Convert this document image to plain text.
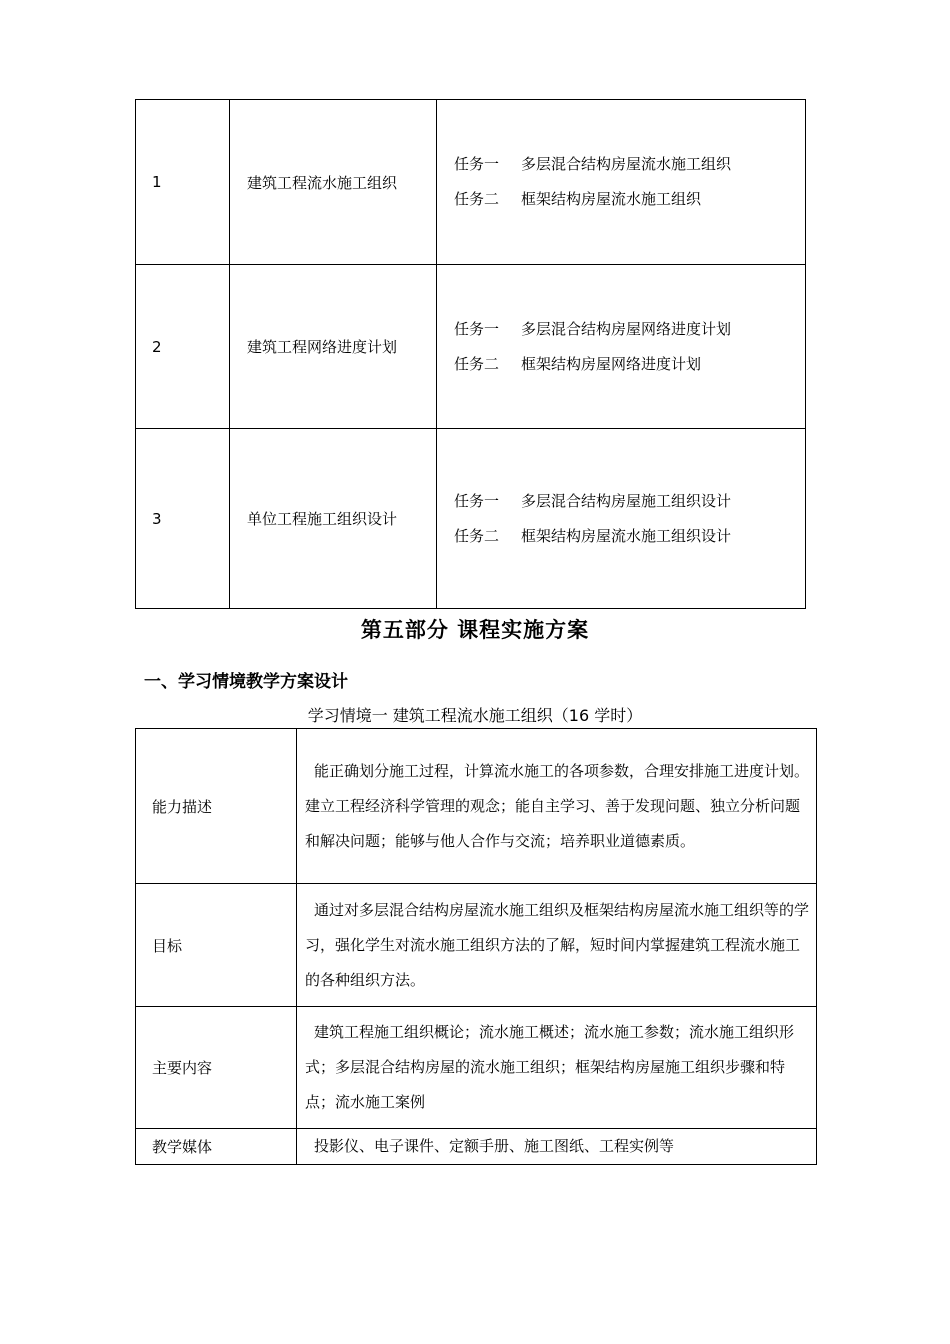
1	建筑工程流水施工组织	任务一 多层混合结构房屋流水施工组织
任务二 框架结构房屋流水施工组织

2	建筑工程网络进度计划	任务一 多层混合结构房屋网络进度计划
任务二 框架结构房屋网络进度计划

3	单位工程施工组织设计	任务一 多层混合结构房屋施工组织设计
任务二 框架结构房屋流水施工组织设计
第五部分 课程实施方案
一、学习情境教学方案设计
学习情境一 建筑工程流水施工组织（16 学时）
能力描述	能正确划分施工过程，计算流水施工的各项参数，合理安排施工进度计划。建立工程经济科学管理的观念；能自主学习、善于发现问题、独立分析问题和解决问题；能够与他人合作与交流；培养职业道德素质。
目标	通过对多层混合结构房屋流水施工组织及框架结构房屋流水施工组织等的学习，强化学生对流水施工组织方法的了解，短时间内掌握建筑工程流水施工的各种组织方法。
主要内容	建筑工程施工组织概论；流水施工概述；流水施工参数；流水施工组织形式；多层混合结构房屋的流水施工组织；框架结构房屋施工组织步骤和特点；流水施工案例
教学媒体	投影仪、电子课件、定额手册、施工图纸、工程实例等
